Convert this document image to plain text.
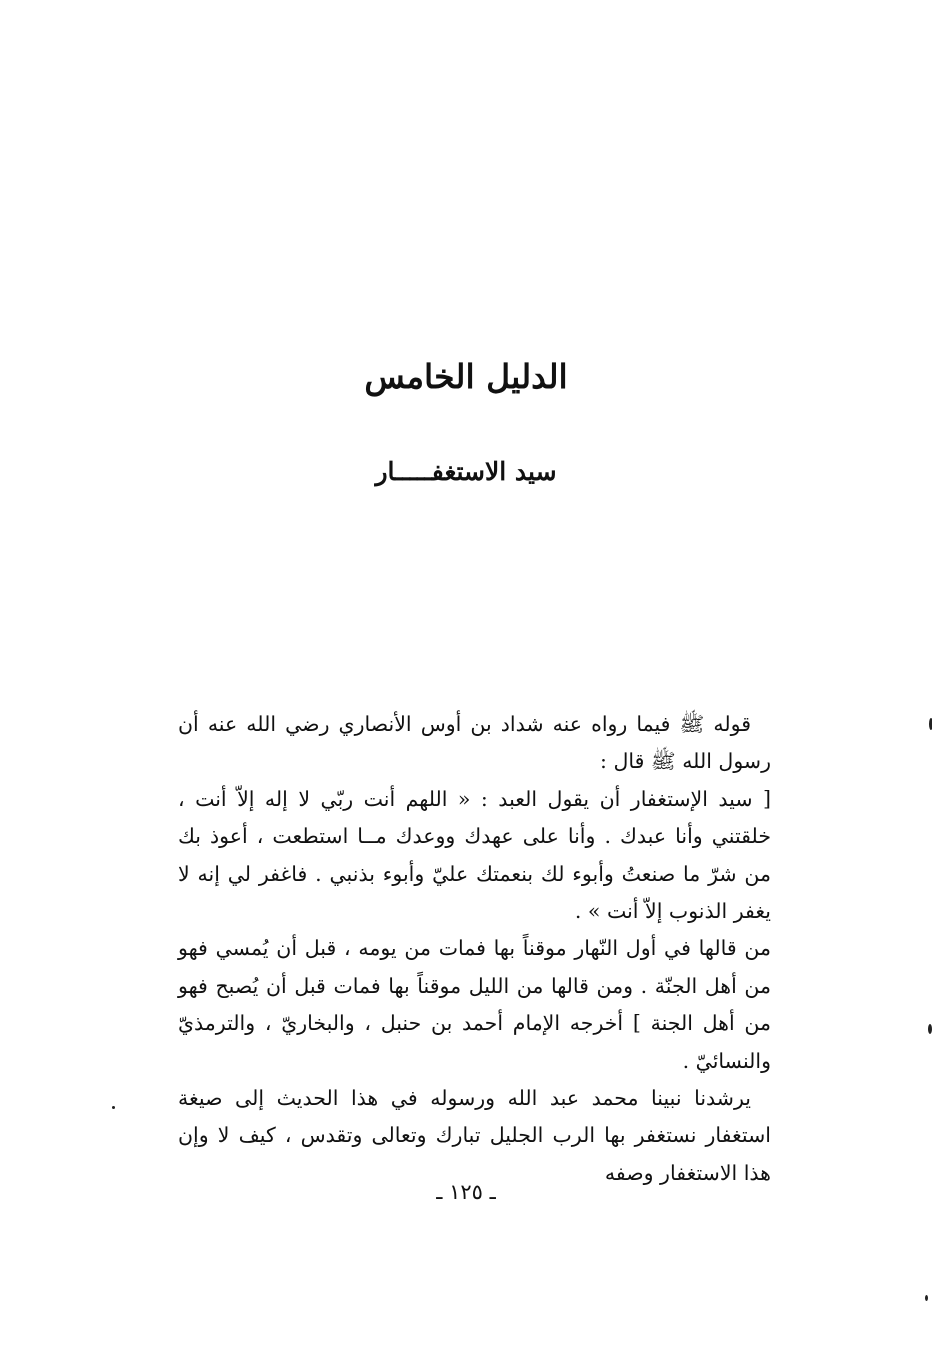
الدليل الخامس
سيد الاستغفـــــار

قوله ﷺ فيما رواه عنه شداد بن أوس الأنصاري رضي الله عنه أن رسول الله ﷺ قال :

[ سيد الإستغفار أن يقول العبد : « اللهم أنت ربّي لا إله إلاّ أنت ، خلقتني وأنا عبدك . وأنا على عهدك ووعدك مــا استطعت ، أعوذ بك من شرّ ما صنعتُ وأبوء لك بنعمتك عليّ وأبوء بذنبي . فاغفر لي إنه لا يغفر الذنوب إلاّ أنت » .

من قالها في أول النّهار موقناً بها فمات من يومه ، قبل أن يُمسي فهو من أهل الجنّة . ومن قالها من الليل موقناً بها فمات قبل أن يُصبح فهو من أهل الجنة ] أخرجه الإمام أحمد بن حنبل ، والبخاريّ ، والترمذيّ والنسائيّ .

يرشدنا نبينا محمد عبد الله ورسوله في هذا الحديث إلى صيغة استغفار نستغفر بها الرب الجليل تبارك وتعالى وتقدس ، كيف لا وإن هذا الاستغفار وصفه

ـ ١٢٥ ـ
